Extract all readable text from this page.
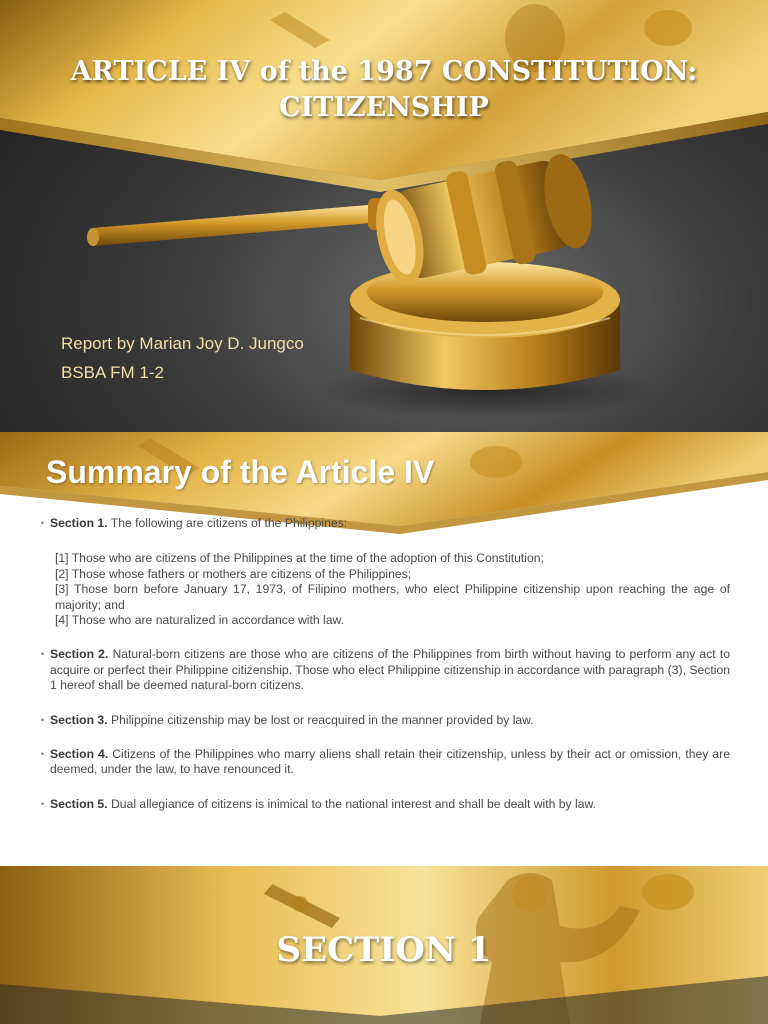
ARTICLE IV of the 1987 CONSTITUTION:
CITIZENSHIP
Report by Marian Joy D. Jungco
BSBA FM 1-2
Summary of the Article IV

• Section 1. The following are citizens of the Philippines:

[1] Those who are citizens of the Philippines at the time of the adoption of this Constitution;

[2] Those whose fathers or mothers are citizens of the Philippines;

[3] Those born before January 17, 1973, of Filipino mothers, who elect Philippine citizenship upon reaching the age of majority; and

[4] Those who are naturalized in accordance with law.

• Section 2. Natural-born citizens are those who are citizens of the Philippines from birth without having to perform any act to acquire or perfect their Philippine citizenship. Those who elect Philippine citizenship in accordance with paragraph (3), Section 1 hereof shall be deemed natural-born citizens.

• Section 3. Philippine citizenship may be lost or reacquired in the manner provided by law.

• Section 4. Citizens of the Philippines who marry aliens shall retain their citizenship, unless by their act or omission, they are deemed, under the law, to have renounced it.

• Section 5. Dual allegiance of citizens is inimical to the national interest and shall be dealt with by law.

SECTION 1
